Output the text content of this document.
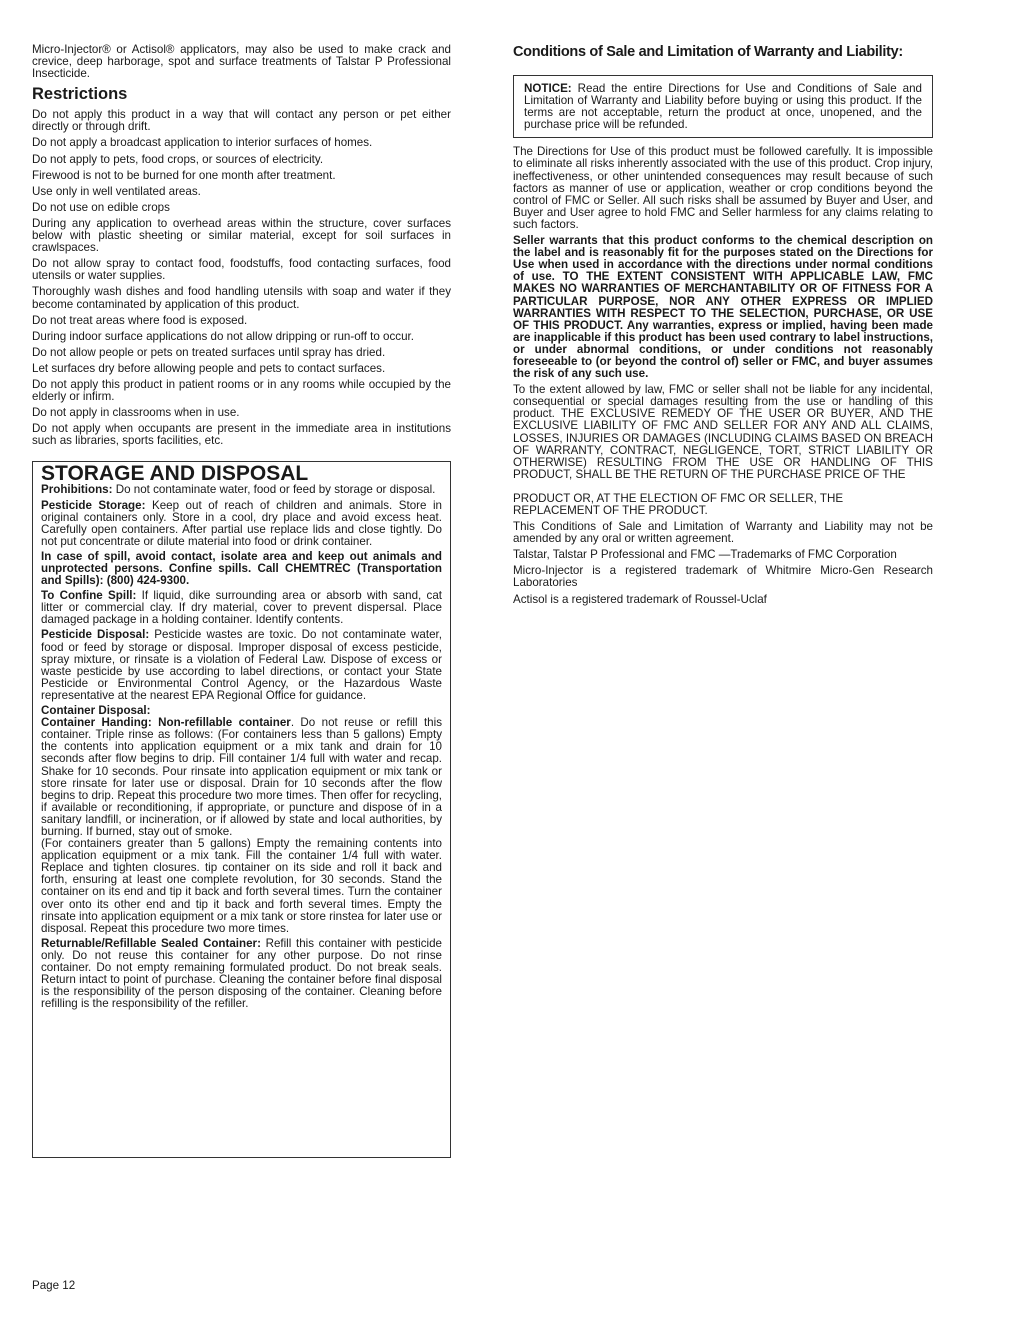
Micro-Injector® or Actisol® applicators, may also be used to make crack and crevice, deep harborage, spot and surface treatments of Talstar P Professional Insecticide.

Restrictions

Do not apply this product in a way that will contact any person or pet either directly or through drift.

Do not apply a broadcast application to interior surfaces of homes.

Do not apply to pets, food crops, or sources of electricity.

Firewood is not to be burned for one month after treatment.

Use only in well ventilated areas.

Do not use on edible crops

During any application to overhead areas within the structure, cover surfaces below with plastic sheeting or similar material, except for soil surfaces in crawlspaces.

Do not allow spray to contact food, foodstuffs, food contacting surfaces, food utensils or water supplies.

Thoroughly wash dishes and food handling utensils with soap and water if they become contaminated by application of this product.

Do not treat areas where food is exposed.

During indoor surface applications do not allow dripping or run-off to occur.

Do not allow people or pets on treated surfaces until spray has dried.

Let surfaces dry before allowing people and pets to contact surfaces.

Do not apply this product in patient rooms or in any rooms while occupied by the elderly or infirm.

Do not apply in classrooms when in use.

Do not apply when occupants are present in the immediate area in institutions such as libraries, sports facilities, etc.

STORAGE AND DISPOSAL

Prohibitions: Do not contaminate water, food or feed by storage or disposal.

Pesticide Storage: Keep out of reach of children and animals. Store in original containers only. Store in a cool, dry place and avoid excess heat. Carefully open containers. After partial use replace lids and close tightly. Do not put concentrate or dilute material into food or drink container.

In case of spill, avoid contact, isolate area and keep out animals and unprotected persons. Confine spills. Call CHEMTREC (Transportation and Spills): (800) 424-9300.

To Confine Spill: If liquid, dike surrounding area or absorb with sand, cat litter or commercial clay. If dry material, cover to prevent dispersal. Place damaged package in a holding container. Identify contents.

Pesticide Disposal: Pesticide wastes are toxic. Do not contaminate water, food or feed by storage or disposal. Improper disposal of excess pesticide, spray mixture, or rinsate is a violation of Federal Law. Dispose of excess or waste pesticide by use according to label directions, or contact your State Pesticide or Environmental Control Agency, or the Hazardous Waste representative at the nearest EPA Regional Office for guidance.

Container Disposal:

Container Handing: Non-refillable container. Do not reuse or refill this container. Triple rinse as follows: (For containers less than 5 gallons) Empty the contents into application equipment or a mix tank and drain for 10 seconds after flow begins to drip. Fill container 1/4 full with water and recap. Shake for 10 seconds. Pour rinsate into application equipment or mix tank or store rinsate for later use or disposal. Drain for 10 seconds after the flow begins to drip. Repeat this procedure two more times. Then offer for recycling, if available or reconditioning, if appropriate, or puncture and dispose of in a sanitary landfill, or incineration, or if allowed by state and local authorities, by burning. If burned, stay out of smoke.

(For containers greater than 5 gallons) Empty the remaining contents into application equipment or a mix tank. Fill the container 1/4 full with water. Replace and tighten closures. tip container on its side and roll it back and forth, ensuring at least one complete revolution, for 30 seconds. Stand the container on its end and tip it back and forth several times. Turn the container over onto its other end and tip it back and forth several times. Empty the rinsate into application equipment or a mix tank or store rinstea for later use or disposal. Repeat this procedure two more times.

Returnable/Refillable Sealed Container: Refill this container with pesticide only. Do not reuse this container for any other purpose. Do not rinse container. Do not empty remaining formulated product. Do not break seals. Return intact to point of purchase. Cleaning the container before final disposal is the responsibility of the person disposing of the container. Cleaning before refilling is the responsibility of the refiller.

Conditions of Sale and Limitation of Warranty and Liability:

NOTICE: Read the entire Directions for Use and Conditions of Sale and Limitation of Warranty and Liability before buying or using this product. If the terms are not acceptable, return the product at once, unopened, and the purchase price will be refunded.

The Directions for Use of this product must be followed carefully. It is impossible to eliminate all risks inherently associated with the use of this product. Crop injury, ineffectiveness, or other unintended consequences may result because of such factors as manner of use or application, weather or crop conditions beyond the control of FMC or Seller. All such risks shall be assumed by Buyer and User, and Buyer and User agree to hold FMC and Seller harmless for any claims relating to such factors.

Seller warrants that this product conforms to the chemical description on the label and is reasonably fit for the purposes stated on the Directions for Use when used in accordance with the directions under normal conditions of use. TO THE EXTENT CONSISTENT WITH APPLICABLE LAW, FMC MAKES NO WARRANTIES OF MERCHANTABILITY OR OF FITNESS FOR A PARTICULAR PURPOSE, NOR ANY OTHER EXPRESS OR IMPLIED WARRANTIES WITH RESPECT TO THE SELECTION, PURCHASE, OR USE OF THIS PRODUCT. Any warranties, express or implied, having been made are inapplicable if this product has been used contrary to label instructions, or under abnormal conditions, or under conditions not reasonably foreseeable to (or beyond the control of) seller or FMC, and buyer assumes the risk of any such use.

To the extent allowed by law, FMC or seller shall not be liable for any incidental, consequential or special damages resulting from the use or handling of this product. THE EXCLUSIVE REMEDY OF THE USER OR BUYER, AND THE EXCLUSIVE LIABILITY OF FMC AND SELLER FOR ANY AND ALL CLAIMS, LOSSES, INJURIES OR DAMAGES (INCLUDING CLAIMS BASED ON BREACH OF WARRANTY, CONTRACT, NEGLIGENCE, TORT, STRICT LIABILITY OR OTHERWISE) RESULTING FROM THE USE OR HANDLING OF THIS PRODUCT, SHALL BE THE RETURN OF THE PURCHASE PRICE OF THE

PRODUCT OR, AT THE ELECTION OF FMC OR SELLER, THE REPLACEMENT OF THE PRODUCT.

This Conditions of Sale and Limitation of Warranty and Liability may not be amended by any oral or written agreement.

Talstar, Talstar P Professional and FMC —Trademarks of FMC Corporation

Micro-Injector is a registered trademark of Whitmire Micro-Gen Research Laboratories

Actisol is a registered trademark of Roussel-Uclaf

Page 12
